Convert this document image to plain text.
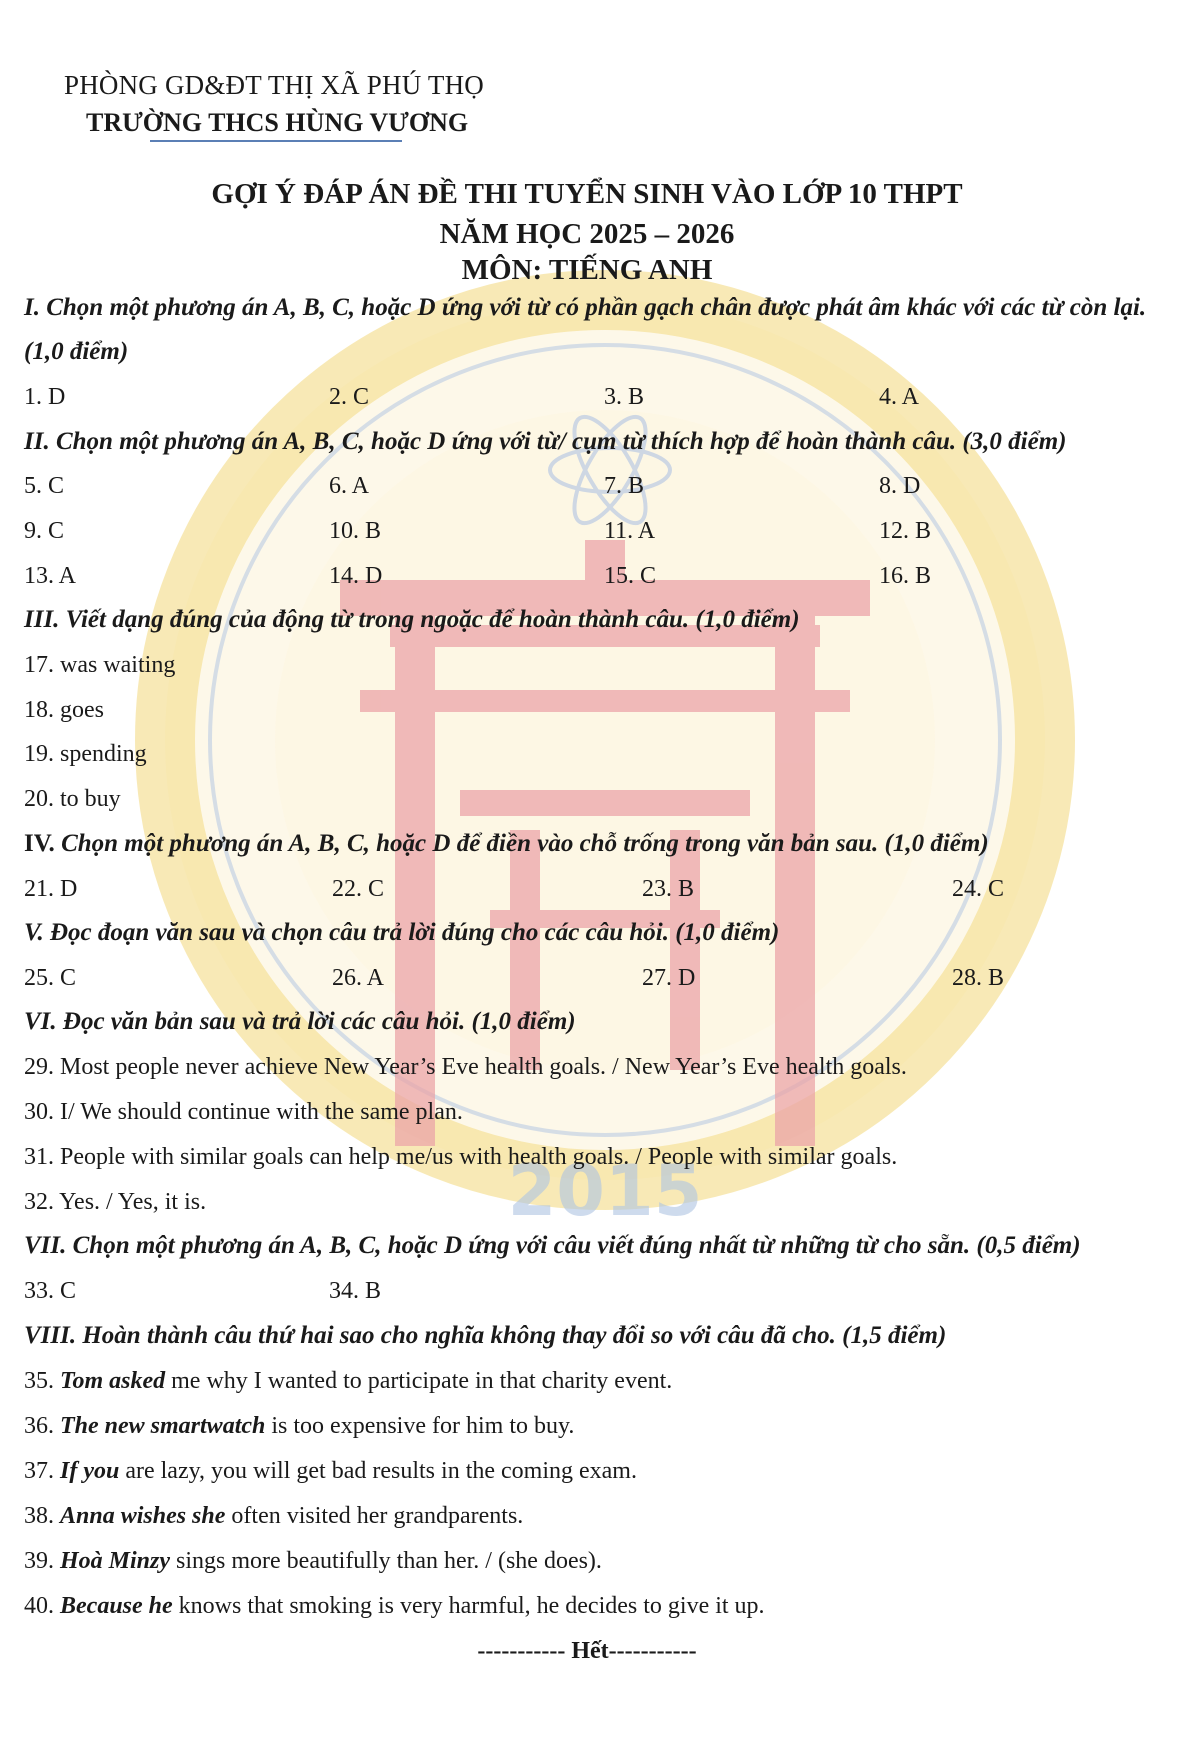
2015
PHÒNG GD&ĐT THỊ XÃ PHÚ THỌ
TRƯỜNG THCS HÙNG VƯƠNG
GỢI Ý ĐÁP ÁN ĐỀ THI TUYỂN SINH VÀO LỚP 10 THPT
NĂM HỌC 2025 – 2026
MÔN: TIẾNG ANH
I. Chọn một phương án A, B, C, hoặc D ứng với từ có phần gạch chân được phát âm khác với các từ còn lại. (1,0 điểm)
1. D	2. C	3. B	4. A
II. Chọn một phương án A, B, C, hoặc D ứng với từ/ cụm từ thích hợp để hoàn thành câu. (3,0 điểm)
5. C	6. A	7. B	8. D
9. C	10. B	11. A	12. B
13. A	14. D	15. C	16. B
III. Viết dạng đúng của động từ trong ngoặc để hoàn thành câu. (1,0 điểm)
17. was waiting
18. goes
19. spending
20. to buy
IV. Chọn một phương án A, B, C, hoặc D để điền vào chỗ trống trong văn bản sau. (1,0 điểm)
21. D	22. C	23. B	24. C
V. Đọc đoạn văn sau và chọn câu trả lời đúng cho các câu hỏi. (1,0 điểm)
25. C	26. A	27. D	28. B
VI. Đọc văn bản sau và trả lời các câu hỏi. (1,0 điểm)
29. Most people never achieve New Year’s Eve health goals. / New Year’s Eve health goals.
30. I/ We should continue with the same plan.
31. People with similar goals can help me/us with health goals. / People with similar goals.
32. Yes. / Yes, it is.
VII. Chọn một phương án A, B, C, hoặc D ứng với câu viết đúng nhất từ những từ cho sẵn. (0,5 điểm)
33. C	34. B
VIII. Hoàn thành câu thứ hai sao cho nghĩa không thay đổi so với câu đã cho. (1,5 điểm)
35. Tom asked me why I wanted to participate in that charity event.
36. The new smartwatch is too expensive for him to buy.
37. If you are lazy, you will get bad results in the coming exam.
38. Anna wishes she often visited her grandparents.
39. Hoà Minzy sings more beautifully than her. / (she does).
40. Because he knows that smoking is very harmful, he decides to give it up.
----------- Hết-----------
